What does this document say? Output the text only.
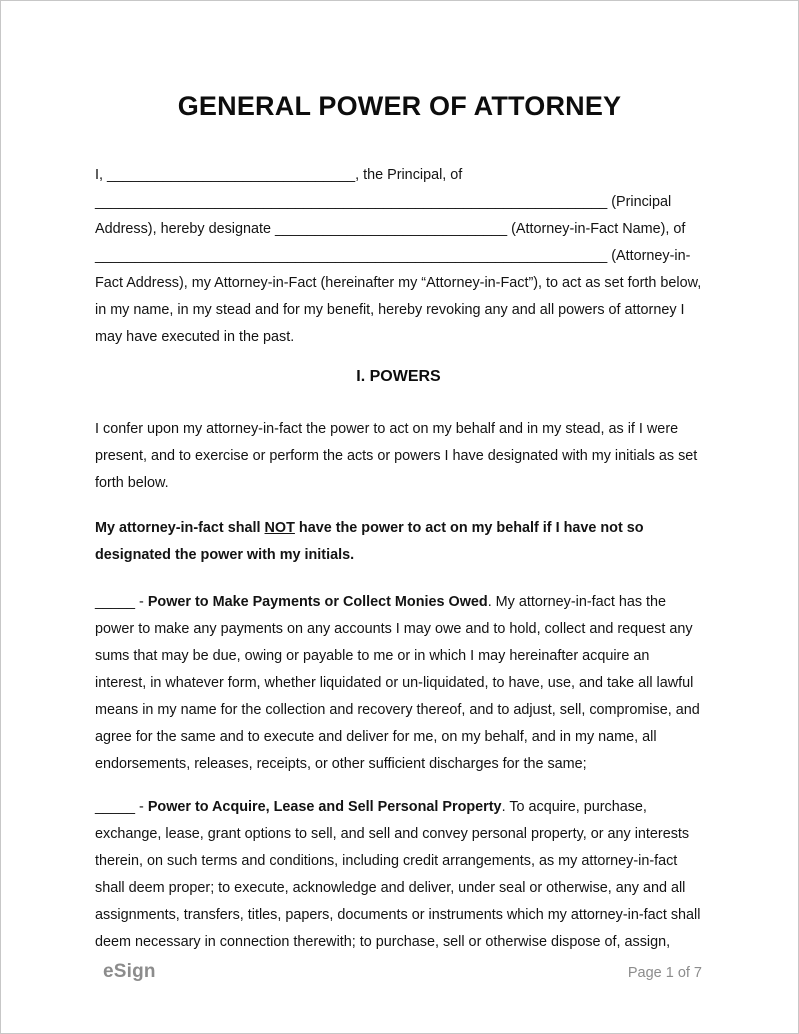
GENERAL POWER OF ATTORNEY

I, _______________________________, the Principal, of ________________________________________________________________ (Principal Address), hereby designate _____________________________ (Attorney-in-Fact Name), of ________________________________________________________________ (Attorney-in-Fact Address), my Attorney-in-Fact (hereinafter my “Attorney-in-Fact”), to act as set forth below, in my name, in my stead and for my benefit, hereby revoking any and all powers of attorney I may have executed in the past.

I. POWERS

I confer upon my attorney-in-fact the power to act on my behalf and in my stead, as if I were present, and to exercise or perform the acts or powers I have designated with my initials as set forth below.

My attorney-in-fact shall NOT have the power to act on my behalf if I have not so designated the power with my initials.

_____ - Power to Make Payments or Collect Monies Owed. My attorney-in-fact has the power to make any payments on any accounts I may owe and to hold, collect and request any sums that may be due, owing or payable to me or in which I may hereinafter acquire an interest, in whatever form, whether liquidated or un-liquidated, to have, use, and take all lawful means in my name for the collection and recovery thereof, and to adjust, sell, compromise, and agree for the same and to execute and deliver for me, on my behalf, and in my name, all endorsements, releases, receipts, or other sufficient discharges for the same;

_____ - Power to Acquire, Lease and Sell Personal Property. To acquire, purchase, exchange, lease, grant options to sell, and sell and convey personal property, or any interests therein, on such terms and conditions, including credit arrangements, as my attorney-in-fact shall deem proper; to execute, acknowledge and deliver, under seal or otherwise, any and all assignments, transfers, titles, papers, documents or instruments which my attorney-in-fact shall deem necessary in connection therewith; to purchase, sell or otherwise dispose of, assign,

eSign	Page 1 of 7
